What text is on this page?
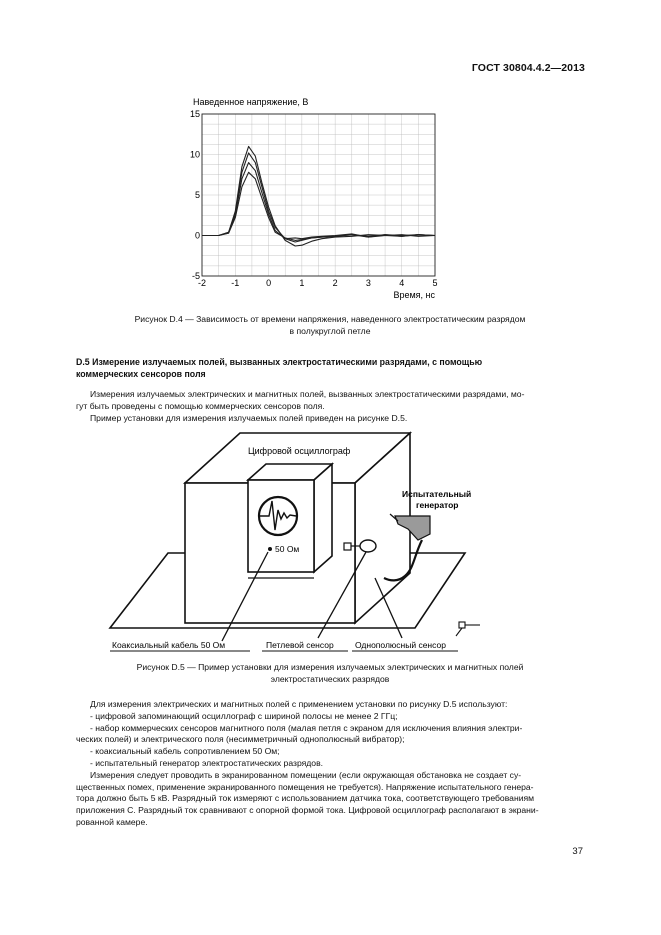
ГОСТ 30804.4.2—2013
Наведенное напряжение, В
-2	-1	0	1	2	3	4	5
15
10
5
0
-5
Время, нс
Рисунок D.4 — Зависимость от времени напряжения, наведенного электростатическим разрядом
в полукруглой петле
D.5 Измерение излучаемых полей, вызванных электростатическими разрядами, с помощью
коммерческих сенсоров поля

Измерения излучаемых электрических и магнитных полей, вызванных электростатическими разрядами, мо-

гут быть проведены с помощью коммерческих сенсоров поля.

Пример установки для измерения излучаемых полей приведен на рисунке D.5.

Цифровой осциллограф
50 Ом
Испытательный
генератор
Коаксиальный кабель 50 Ом	Петлевой сенсор	Однополюсный сенсор
Рисунок D.5 — Пример установки для измерения излучаемых электрических и магнитных полей
электростатических разрядов

Для измерения электрических и магнитных полей с применением установки по рисунку D.5 используют:

- цифровой запоминающий осциллограф с шириной полосы не менее 2 ГГц;

- набор коммерческих сенсоров магнитного поля (малая петля с экраном для исключения влияния электри-

ческих полей) и электрического поля (несимметричный однополюсный вибратор);

- коаксиальный кабель сопротивлением 50 Ом;

- испытательный генератор электростатических разрядов.

Измерения следует проводить в экранированном помещении (если окружающая обстановка не создает су-

щественных помех, применение экранированного помещения не требуется). Напряжение испытательного генера-

тора должно быть 5 кВ. Разрядный ток измеряют с использованием датчика тока, соответствующего требованиям

приложения С. Разрядный ток сравнивают с опорной формой тока. Цифровой осциллограф располагают в экрани-

рованной камере.

37
